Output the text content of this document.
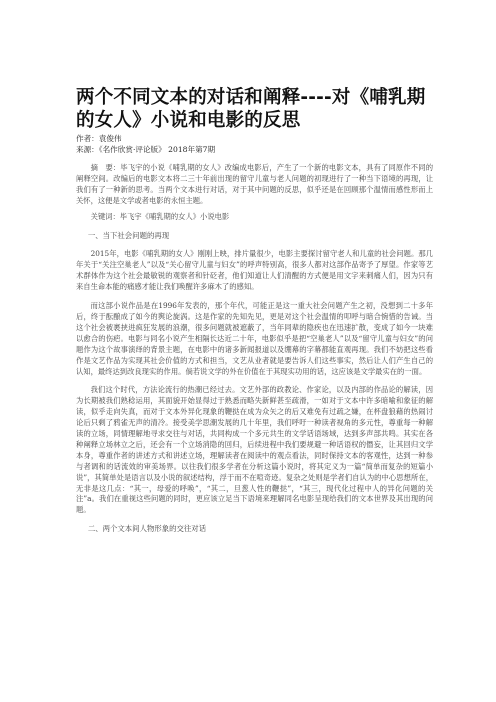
两个不同文本的对话和阐释----对《哺乳期的女人》小说和电影的反思

作者：袁俊伟

来源：《名作欣赏·评论版》 2018年第7期

摘　要：毕飞宇的小说《哺乳期的女人》改编成电影后，产生了一个新的电影文本，具有了同原作不同的阐释空间。改编后的电影文本将二三十年前出现的留守儿童与老人问题的初现进行了一种当下语境的再现，让我们有了一种新的思考。当两个文本进行对话，对于其中问题的反思，似乎还是在回顾那个温情而感性形而上关怀，这便是文学或者电影的永恒主题。

关键词：毕飞宇《哺乳期的女人》小说电影

一、当下社会问题的再现

2015年，电影《哺乳期的女人》刚刚上映，排片量很少，电影主要探讨留守老人和儿童的社会问题。那几年关于“关注空巢老人”以及“关心留守儿童与妇女”的呼声特别高，很多人都对这部作品寄予了厚望。作家等艺术群体作为这个社会最敏锐的观察者和针砭者，他们知道让人们清醒的方式便是用文字来刺痛人们，因为只有来自生命本能的痛感才能让我们唤醒许多麻木了的感知。

而这部小说作品是在1996年发表的，那个年代，可能正是这一重大社会问题产生之初，没想到二十多年后，终于酝酿成了如今的舆论旋涡。这是作家的先知先见，更是对这个社会温情的叩呼与暗合惋惜的告诫。当这个社会被裹挟进疯狂发展的浪潮，很多问题就被遮蔽了，当年同辈的隐疾也在迅速扩散，变成了如今一块难以愈合的伤疤。电影与同名小说产生相隔长达近二十年，电影似乎是把“空巢老人”以及“留守儿童与妇女”的问题作为这个故事演绎的背景主题，在电影中的诸多新闻报道以及绷幕的字幕都能直观再现。我们不妨把这些看作是文艺作品为实现其社会价值的方式和担当，文艺从业者就是要告诉人们这些事实，然后让人们产生自己的认知，最终达到改良现实的作用。倘若说文学的外在价值在于其现实功用的话，这应该是文学最实在的一面。

我们这个时代，方法论流行的热潮已经过去。文艺外部的政教论、作家论，以及内部的作品论的解读，因为长期被我们熟稔运用，其面貌开始显得过于熟悉而略失新鲜甚至疏滑，一如对于文本中许多暗喻和象征的解读，似乎走向失真，而对于文本外异化现象的鞭挞在成为众矢之的后又难免有过疏之嫌，在杯盘狼藉的热闹讨论后只剩了鸦雀无声的清冷。接受美学思潮发展的几十年里，我们呼吁一种读者视角的多元性，尊重每一种解读的立场，同情理解地寻求交往与对话，共同构成一个多元共生的文学话语场域，达到多声部共鸣。其实在各种阐释立场林立之后，还会有一个立场消隐的回归，后续进程中我们要规避一种话语权的僭妄，让其回归文学本身，尊重作者的讲述方式和讲述立场，理解读者在阅读中的观点看法，同时保持文本的客观性，达到一种参与者调和的话流效的审美场界。以往我们很多学者在分析这篇小说时，将其定义为一篇“简单而复杂的短篇小说”，其简单处是语言以及小说的叙述结构，浮于而不在喧奇迹。复杂之处则是学者们自认为的中心思想所在，无非是这几点：“其一，母爱的呼唤”，“其二，旦葱人性的鞭挞”，“其三，现代化过程中人的异化问题的关注”a。我们在重视这些问题的同时，更应该立足当下语境来理解同名电影呈现给我们的文本世界及其出现的问题。

二、两个文本间人物形象的交往对话
